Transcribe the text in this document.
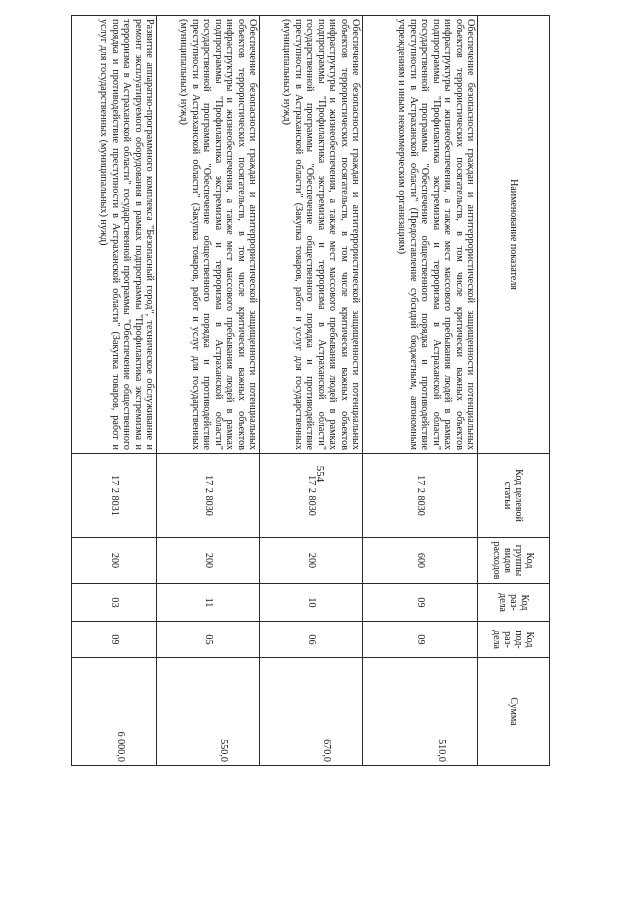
554
Наименование показателя	Код целевой статьи	Код группы видов расходов	Код раз-дела	Код под-раз-дела	Сумма
Обеспечение безопасности граждан и антитеррористической защищенности потенциальных объектов террористических посягательств, в том числе критически важных объектов инфраструктуры и жизнеобеспечения, а также мест массового пребывания людей в рамках подпрограммы "Профилактика экстремизма и терроризма в Астраханской области" государственной программы "Обеспечение общественного порядка и противодействие преступности в Астраханской области" (Предоставление субсидий бюджетным, автономным учреждениям и иным некоммерческим организациям)	17 2 8030	600	09	09	510,0
Обеспечение безопасности граждан и антитеррористической защищенности потенциальных объектов террористических посягательств, в том числе критически важных объектов инфраструктуры и жизнеобеспечения, а также мест массового пребывания людей в рамках подпрограммы "Профилактика экстремизма и терроризма в Астраханской области" государственной программы "Обеспечение общественного порядка и противодействие преступности в Астраханской области" (Закупка товаров, работ и услуг для государственных (муниципальных) нужд)	17 2 8030	200	10	06	670,0
Обеспечение безопасности граждан и антитеррористической защищенности потенциальных объектов террористических посягательств, в том числе критически важных объектов инфраструктуры и жизнеобеспечения, а также мест массового пребывания людей в рамках подпрограммы "Профилактика экстремизма и терроризма в Астраханской области" государственной программы "Обеспечение общественного порядка и противодействие преступности в Астраханской области" (Закупка товаров, работ и услуг для государственных (муниципальных) нужд)	17 2 8030	200	11	05	550,0
Развитие аппаратно-программного комплекса "Безопасный город", техническое обслуживание и ремонт эксплуатируемого оборудования в рамках подпрограммы "Профилактика экстремизма и терроризма в Астраханской области" государственной программы "Обеспечение общественного порядка и противодействие преступности в Астраханской области" (Закупка товаров, работ и услуг для государственных (муниципальных) нужд)	17 2 8031	200	03	09	6 000,0
